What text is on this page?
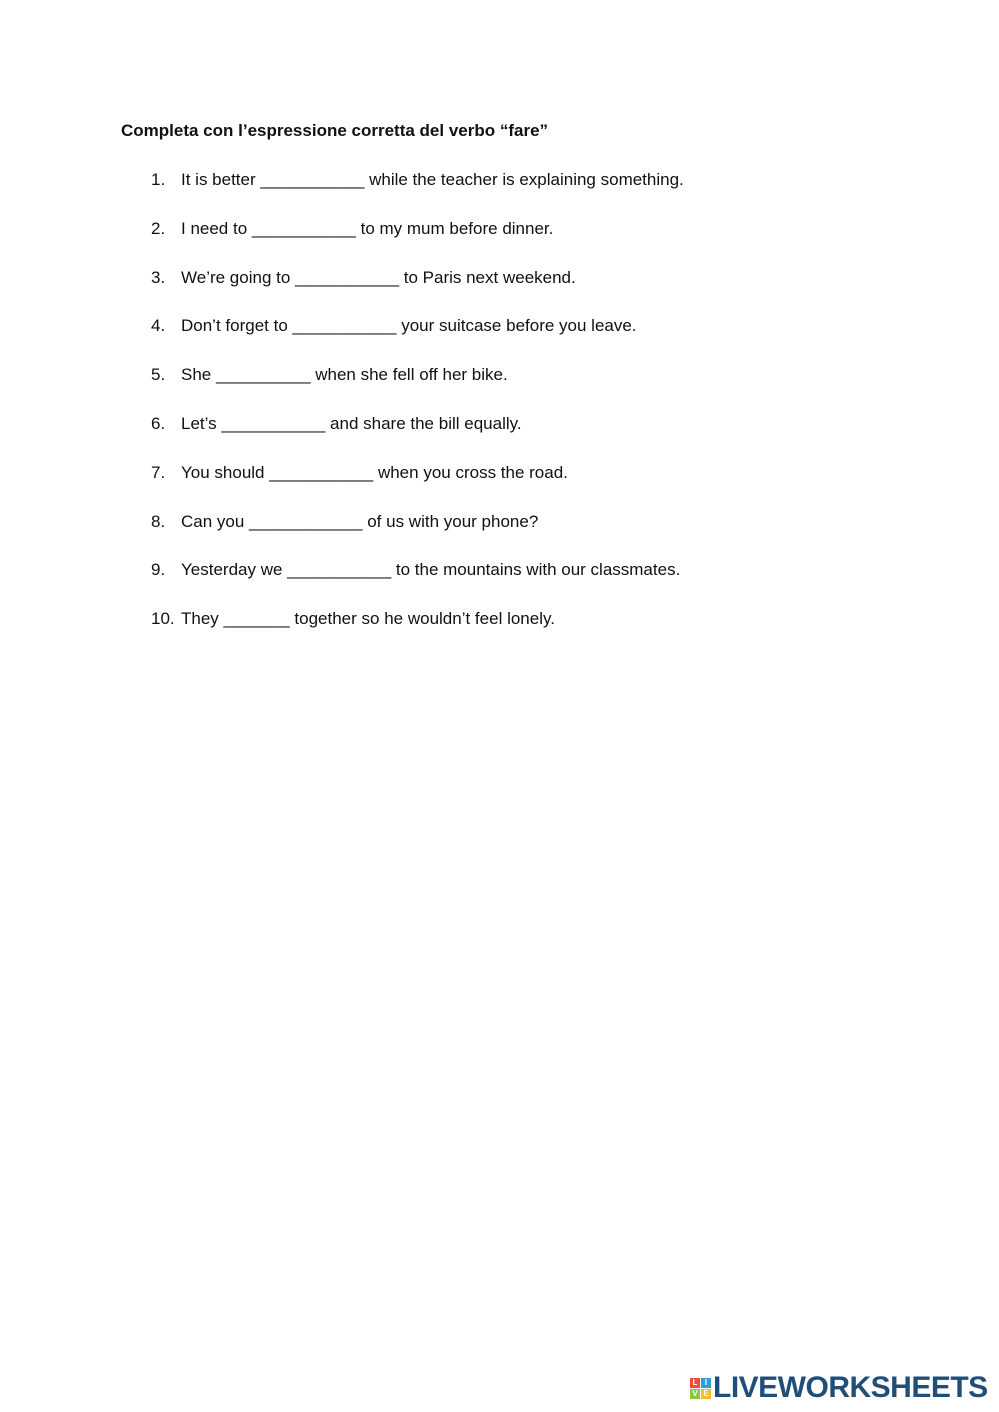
Completa con l’espressione corretta del verbo “fare”
1. It is better ___________ while the teacher is explaining something.
2. I need to ___________ to my mum before dinner.
3. We’re going to ___________ to Paris next weekend.
4. Don’t forget to ___________ your suitcase before you leave.
5. She __________ when she fell off her bike.
6. Let’s ___________ and share the bill equally.
7. You should ___________ when you cross the road.
8. Can you ____________ of us with your phone?
9. Yesterday we ___________ to the mountains with our classmates.
10. They _______ together so he wouldn’t feel lonely.
L I
V E LIVEWORKSHEETS
